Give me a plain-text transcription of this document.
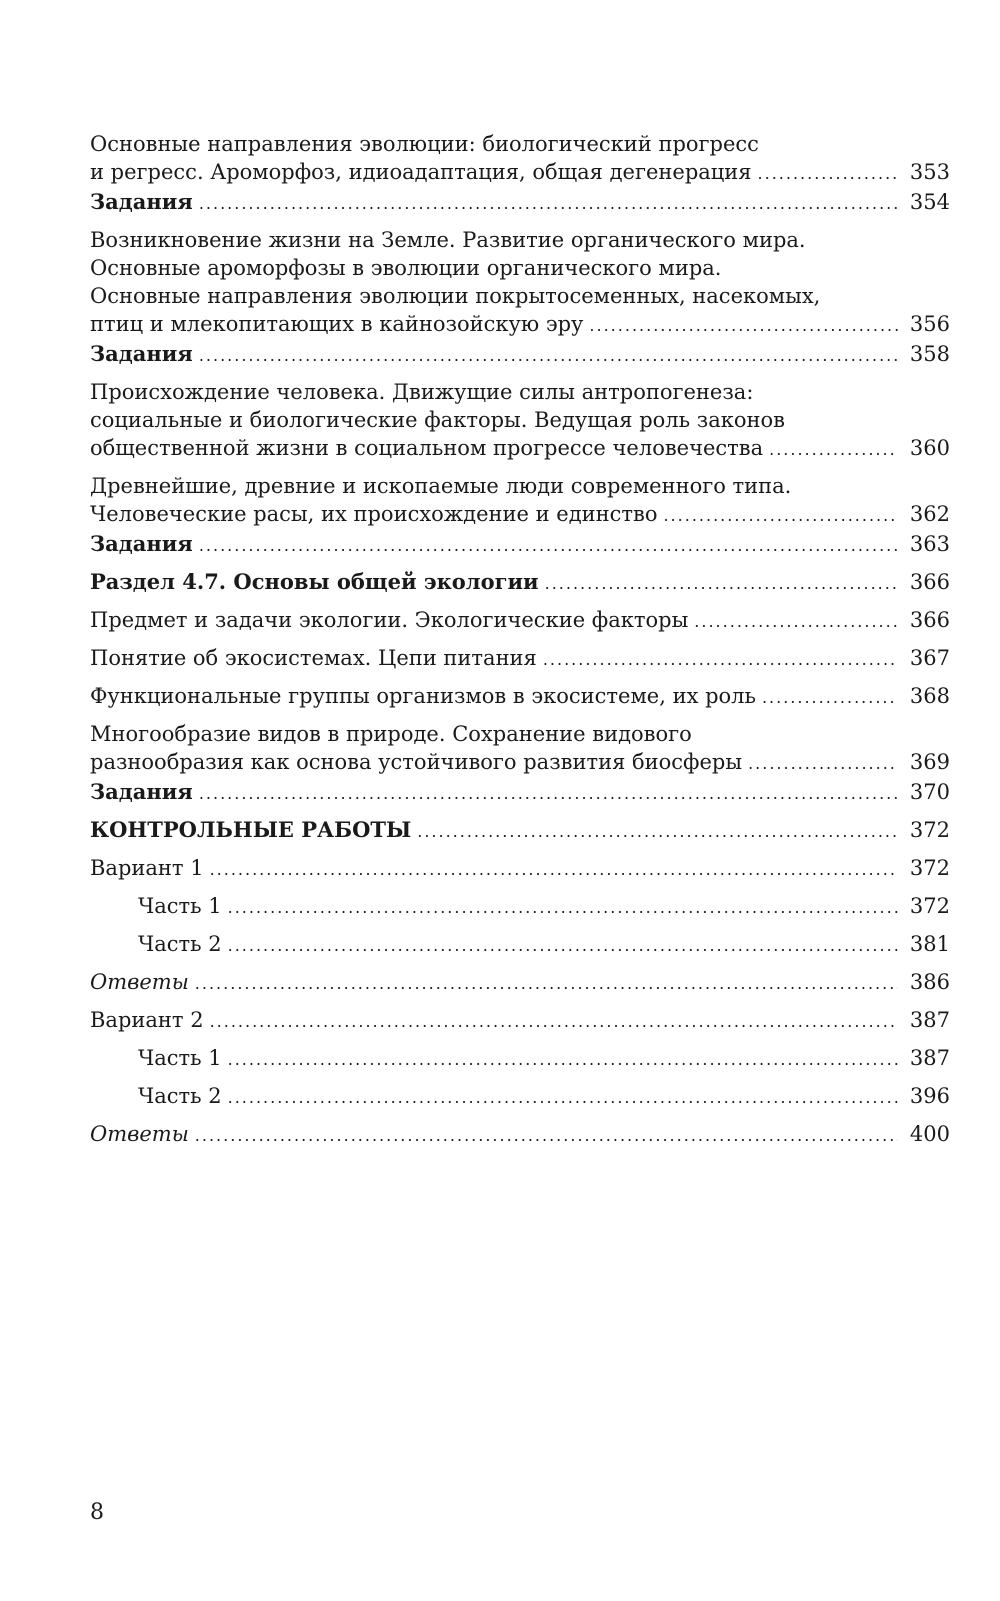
Основные направления эволюции: биологический прогресс
и регресс. Ароморфоз, идиоадаптация, общая дегенерация .....	353
Задания .....	354
Возникновение жизни на Земле. Развитие органического мира.
Основные ароморфозы в эволюции органического мира.
Основные направления эволюции покрытосеменных, насекомых,
птиц и млекопитающих в кайнозойскую эру .....	356
Задания .....	358
Происхождение человека. Движущие силы антропогенеза:
социальные и биологические факторы. Ведущая роль законов
общественной жизни в социальном прогрессе человечества .....	360
Древнейшие, древние и ископаемые люди современного типа.
Человеческие расы, их происхождение и единство .....	362
Задания .....	363
Раздел 4.7. Основы общей экологии .....	366
Предмет и задачи экологии. Экологические факторы .....	366
Понятие об экосистемах. Цепи питания .....	367
Функциональные группы организмов в экосистеме, их роль .....	368
Многообразие видов в природе. Сохранение видового
разнообразия как основа устойчивого развития биосферы .....	369
Задания .....	370
КОНТРОЛЬНЫЕ РАБОТЫ .....	372
Вариант 1 .....	372
Часть 1 .....	372
Часть 2 .....	381
Ответы .....	386
Вариант 2 .....	387
Часть 1 .....	387
Часть 2 .....	396
Ответы .....	400
8
